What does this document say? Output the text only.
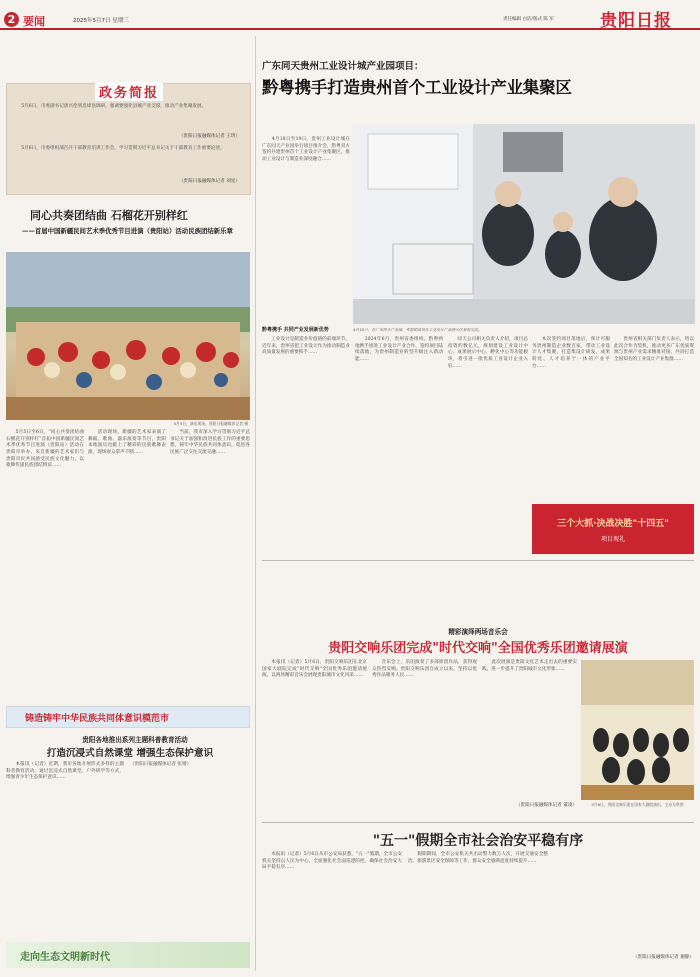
2 要闻	2025年5月7日 星期三	责任编辑 白洁/版式 陈 军	贵阳日报
政务简报
　　5月6日，市委副书记唐兴伦到息烽县调研，强调要强化县城产业支撑，推动产业集聚发展。
（贵阳日报融媒体记者 王玥）
　　5月6日，市委组织部召开干部教育培训工作会，学习贯彻习近平总书记关于干部教育工作重要论述。
（贵阳日报融媒体记者 刘星）
同心共奏团结曲 石榴花开别样红
——首届中国新疆民间艺术季优秀节目进演（贵阳站）活动民族团结新乐章
5月5日，演出现场。贵阳日报融媒体记者 摄
　　5月5日至6日，"同心共奏团结曲 石榴花开别样红"首届中国新疆民间艺术季优秀节目进演（贵阳站）活动在贵阳市举办。来自新疆的艺术家们与贵阳市民共同感受民族文化魅力，以歌舞传递民族团结情谊……
　　活动现场，新疆的艺术家表演了舞蹈、歌曲、器乐演奏等节目，贵阳本地演员也献上了精彩的民族歌舞表演，现场观众掌声不断……
　　当前，我市深入学习贯彻习近平总书记关于加强和改进民族工作的重要思想，铸牢中华民族共同体意识，促进各民族广泛交往交流交融……
铸造铸牢中华民族共同体意识模范市
贵阳各地推出系列主题科普教育活动
打造沉浸式自然课堂 增强生态保护意识
　　本报讯（记者）近期，我市各地开展形式多样的主题科普教育活动，通过沉浸式自然课堂、户外研学等方式，增强青少年生态保护意识……
（贵阳日报融媒体记者 张婧）
走向生态文明新时代
广东同天贵州工业设计城产业园项目：
黔粤携手打造贵州首个工业设计产业集聚区
　　4月18日至19日，贵州工业设计城在广东同天产业园举行项目推介会，黔粤双方签约共建贵州首个工业设计产业集聚区，推动工业设计与制造业深度融合……
黔粤携手 共同产业发展新优势
　　工业设计是制造业价值链的前端环节。近年来，贵州省把工业设计作为推动制造业高质量发展的重要抓手……
　　2024年6月，贵州省委组织、黔粤两地携手推进工业设计产业合作，签约项目陆续落地，为贵州制造业转型升级注入新动能……
4月18日，在广东同天产业园，考察团成员在工业设计产品展示区参观交流。
　　同天公司相关负责人介绍，项目总投资约数亿元，规划建设工业设计中心、成果展示中心、孵化中心等功能板块，将引进一批优质工业设计企业入驻……
　　本次签约项目落地后，预计可服务贵州制造企业数百家，带动工业设计人才集聚，打造集设计研发、成果转化、人才培养于一体的产业平台……
　　贵州省相关部门负责人表示，将以此次合作为契机，推动更多广东优质资源与贵州产业需求精准对接，共同打造全国知名的工业设计产业集群……
三个大抓·决战决胜"十四五"
项目观礼
精彩演绎两场音乐会
贵阳交响乐团完成"时代交响"全国优秀乐团邀请展演
　　本报讯（记者）5月6日，贵阳交响乐团在北京国家大剧院完成"时代交响"全国优秀乐团邀请展演，以两场精彩音乐会展现贵阳城市文化风采……
　　音乐会上，乐团演奏了多部原创作品，获得观众热烈反响。贵阳交响乐团自成立以来，坚持以优秀作品服务人民……
　　此次展演是贵阳文化艺术走出去的重要实践，进一步提升了贵阳城市文化形象……
5月6日，贵阳交响乐团在国家大剧院演出。主办方供图
（贵阳日报融媒体记者 董凌）
"五一"假期全市社会治安平稳有序
　　本报讯（记者）5月6日从市公安局获悉，"五一"假期，全市公安机关坚持以人民为中心，全面强化社会面巡逻防控，确保社会治安大局平稳有序……
　　假期期间，全市公安机关共出动警力数万人次，开展交通安全整治、旅游景区安全保障等工作，群众安全感满意度持续提升……
（贵阳日报融媒体记者 谢静）
